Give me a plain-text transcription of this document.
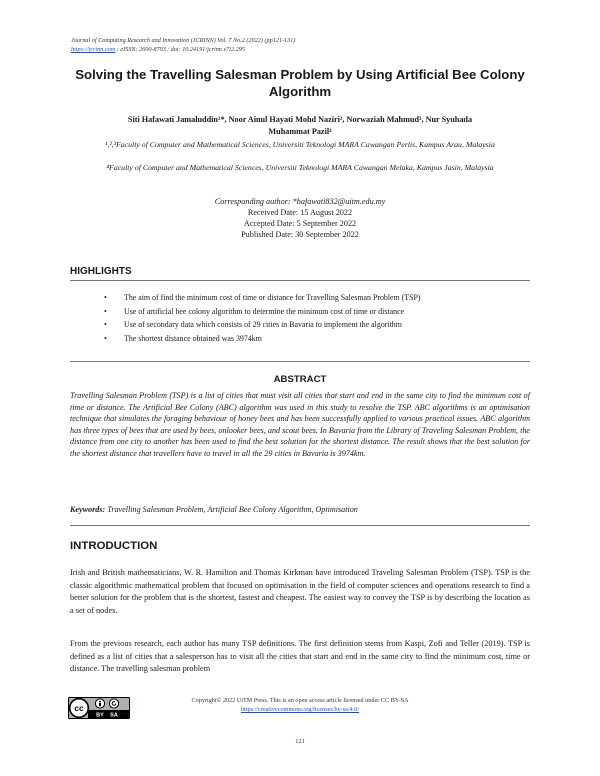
Journal of Computing Research and Innovation (JCRINN) Vol. 7 No.2 (2022) (pp121-131)
https://jcrinn.com : eISSN: 2600-8793 / doi: 10.24191/jcrinn.v7i2.295
Solving the Travelling Salesman Problem by Using Artificial Bee Colony Algorithm
Siti Hafawati Jamaluddin¹*, Noor Ainul Hayati Mohd Naziri², Norwaziah Mahmud³, Nur Syuhada
Muhammat Pazil⁴
¹,²,³Faculty of Computer and Mathematical Sciences, Universiti Teknologi MARA Cawangan Perlis, Kampus Arau, Malaysia
⁴Faculty of Computer and Mathematical Sciences, Universiti Teknologi MARA Cawangan Melaka, Kampus Jasin, Malaysia
Corresponding author: *hafawati832@uitm.edu.my
Received Date: 15 August 2022
Accepted Date: 5 September 2022
Published Date: 30 September 2022
HIGHLIGHTS
• The aim of find the minimum cost of time or distance for Travelling Salesman Problem (TSP)
• Use of artificial bee colony algorithm to determine the minimum cost of time or distance
• Use of secondary data which consists of 29 cities in Bavaria to implement the algorithm
• The shortest distance obtained was 3974km
ABSTRACT

Travelling Salesman Problem (TSP) is a list of cities that must visit all cities that start and end in the same city to find the minimum cost of time or distance. The Artificial Bee Colony (ABC) algorithm was used in this study to resolve the TSP. ABC algorithms is an optimisation technique that simulates the foraging behaviour of honey bees and has been successfully applied to various practical issues. ABC algorithm has three types of bees that are used by bees, onlooker bees, and scout bees. In Bavaria from the Library of Traveling Salesman Problem, the distance from one city to another has been used to find the best solution for the shortest distance. The result shows that the best solution for the shortest distance that travellers have to travel in all the 29 cities in Bavaria is 3974km.

Keywords: Travelling Salesman Problem, Artificial Bee Colony Algorithm, Optimisation

INTRODUCTION

Irish and British mathematicians, W. R. Hamilton and Thomas Kirkman have introduced Traveling Salesman Problem (TSP). TSP is the classic algorithmic mathematical problem that focused on optimisation in the field of computer sciences and operations research to find a better solution for the problem that is the shortest, fastest and cheapest. The easiest way to convey the TSP is by describing the location as a set of nodes.

From the previous research, each author has many TSP definitions. The first definition stems from Kaspi, Zofi and Teller (2019). TSP is defined as a list of cities that a salesperson has to visit all the cities that start and end in the same city to find the minimum cost, time or distance. The travelling salesman problem

cc
BY SA
Copyright© 2022 UiTM Press. This is an open access article licensed under CC BY-SA
https://creativecommons.org/licenses/by-sa/4.0/
121
